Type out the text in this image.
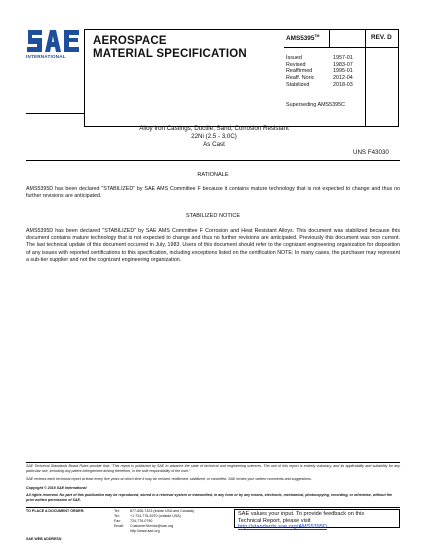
INTERNATIONAL
AEROSPACE
MATERIAL SPECIFICATION
AMS5395™	REV. D
Issued	1957-01
Revised	1983-07
Reaffirmed	1995-01
Reaff. Noric	2012-04
Stabilized	2018-03
Superseding AMS5395C
Alloy Iron Castings, Ductile, Sand, Corrosion Resistant
22Ni (2.5 - 3.0C)
As Cast
UNS F43030
RATIONALE
AMS5395D has been declared "STABILIZED" by SAE AMS Committee F because it contains mature technology that is not expected to change and thus no further revisions are anticipated.
STABILIZED NOTICE
AMS5395D has been declared "STABILIZED" by SAE AMS Committee F Corrosion and Heat Resistant Alloys. This document was stabilized because this document contains mature technology that is not expected to change and thus no further revisions are anticipated. Previously this document was non current. The last technical update of this document occurred in July, 1983. Users of this document should refer to the cognizant engineering organization for disposition of any issues with reported certifications to this specification, including exceptions listed on the certification NOTE: In many cases, the purchaser may represent a sub-tier supplier and not the cognizant engineering organization.
SAE Technical Standards Board Rules provide that: "This report is published by SAE to advance the state of technical and engineering sciences. The use of this report is entirely voluntary, and its applicability and suitability for any particular use, including any patent infringement arising therefrom, is the sole responsibility of the user."
SAE reviews each technical report at least every five years at which time it may be revised, reaffirmed, stabilized, or cancelled. SAE invites your written comments and suggestions.
Copyright © 2018 SAE International
All rights reserved. No part of this publication may be reproduced, stored in a retrieval system or transmitted, in any form or by any means, electronic, mechanical, photocopying, recording, or otherwise, without the prior written permission of SAE.
TO PLACE A DOCUMENT ORDER:
SAE WEB ADDRESS:
Tel:	877-606-7323 (inside USA and Canada)
Tel:	+1 724-776-4970 (outside USA)
Fax:	724-776-0790
Email:	CustomerService@sae.org
http://www.sae.org
SAE values your input. To provide feedback on this
Technical Report, please visit
http://standards.sae.org/AMS5395D
